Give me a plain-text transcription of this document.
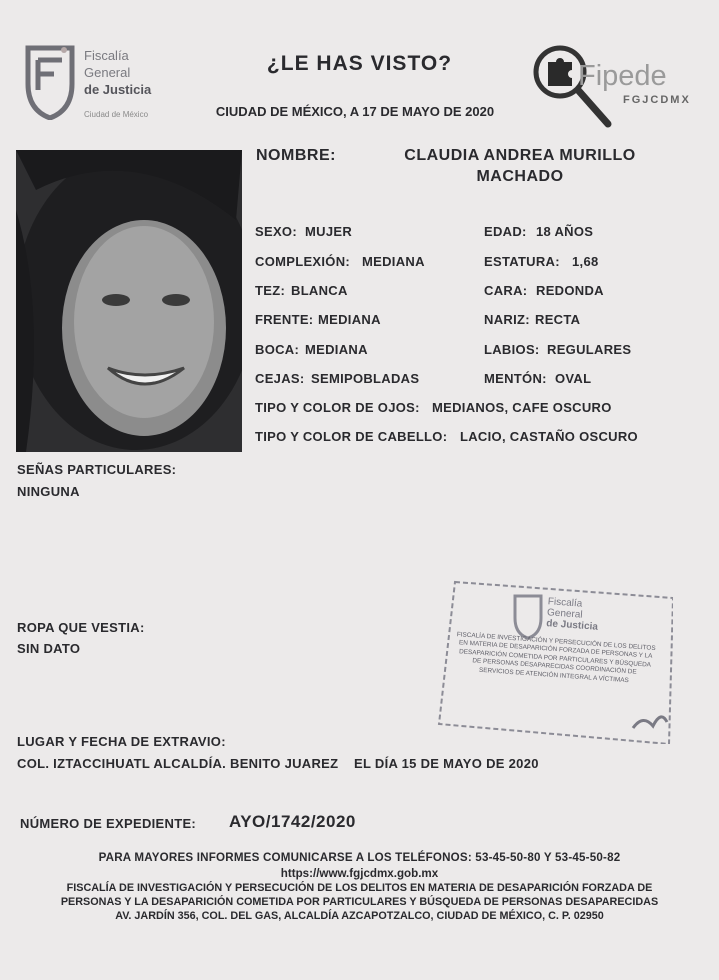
Fiscalía
General
de Justicia
Ciudad de México
¿LE HAS VISTO?
CIUDAD DE MÉXICO, A 17 DE MAYO DE 2020
Fipede
FGJCDMX
NOMBRE:	CLAUDIA ANDREA MURILLO
MACHADO
SEXO: MUJER	EDAD: 18 AÑOS
COMPLEXIÓN: MEDIANA	ESTATURA: 1,68
TEZ: BLANCA	CARA: REDONDA
FRENTE: MEDIANA	NARIZ: RECTA
BOCA: MEDIANA	LABIOS: REGULARES
CEJAS: SEMIPOBLADAS	MENTÓN: OVAL
TIPO Y COLOR DE OJOS: MEDIANOS, CAFE OSCURO
TIPO Y COLOR DE CABELLO: LACIO, CASTAÑO OSCURO
SEÑAS PARTICULARES:
NINGUNA
ROPA QUE VESTIA:
SIN DATO
LUGAR Y FECHA DE EXTRAVIO:
COL. IZTACCIHUATL ALCALDÍA. BENITO JUAREZ EL DÍA 15 DE MAYO DE 2020
NÚMERO DE EXPEDIENTE: AYO/1742/2020
Fiscalía
General
de Justicia
FISCALÍA DE INVESTIGACIÓN Y PERSECUCIÓN DE LOS DELITOS EN MATERIA DE DESAPARICIÓN FORZADA DE PERSONAS Y LA DESAPARICIÓN COMETIDA POR PARTICULARES Y BÚSQUEDA DE PERSONAS DESAPARECIDAS COORDINACIÓN DE SERVICIOS DE ATENCIÓN INTEGRAL A VÍCTIMAS
PARA MAYORES INFORMES COMUNICARSE A LOS TELÉFONOS: 53-45-50-80 Y 53-45-50-82
https://www.fgjcdmx.gob.mx
FISCALÍA DE INVESTIGACIÓN Y PERSECUCIÓN DE LOS DELITOS EN MATERIA DE DESAPARICIÓN FORZADA DE
PERSONAS Y LA DESAPARICIÓN COMETIDA POR PARTICULARES Y BÚSQUEDA DE PERSONAS DESAPARECIDAS
AV. JARDÍN 356, COL. DEL GAS, ALCALDÍA AZCAPOTZALCO, CIUDAD DE MÉXICO, C. P. 02950
